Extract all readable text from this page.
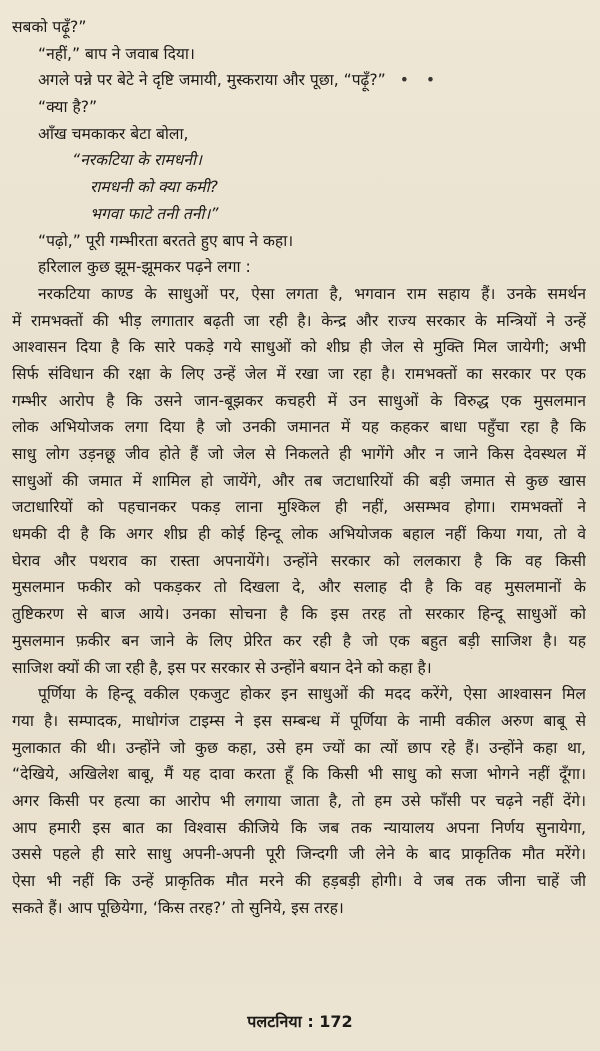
सबको पढ़ूँ?”
“नहीं,” बाप ने जवाब दिया।
अगले पन्ने पर बेटे ने दृष्टि जमायी, मुस्कराया और पूछा, “पढ़ूँ?” • •
“क्या है?”
आँख चमकाकर बेटा बोला,
“नरकटिया के रामधनी।
रामधनी को क्या कमी?
भगवा फाटे तनी तनी।”
“पढ़ो,” पूरी गम्भीरता बरतते हुए बाप ने कहा।
हरिलाल कुछ झूम-झूमकर पढ़ने लगा :
नरकटिया काण्ड के साधुओं पर, ऐसा लगता है, भगवान राम सहाय हैं। उनके समर्थन
में रामभक्तों की भीड़ लगातार बढ़ती जा रही है। केन्द्र और राज्य सरकार के मन्त्रियों ने उन्हें
आश्वासन दिया है कि सारे पकड़े गये साधुओं को शीघ्र ही जेल से मुक्ति मिल जायेगी; अभी
सिर्फ संविधान की रक्षा के लिए उन्हें जेल में रखा जा रहा है। रामभक्तों का सरकार पर एक
गम्भीर आरोप है कि उसने जान-बूझकर कचहरी में उन साधुओं के विरुद्ध एक मुसलमान
लोक अभियोजक लगा दिया है जो उनकी जमानत में यह कहकर बाधा पहुँचा रहा है कि
साधु लोग उड़नछू जीव होते हैं जो जेल से निकलते ही भागेंगे और न जाने किस देवस्थल में
साधुओं की जमात में शामिल हो जायेंगे, और तब जटाधारियों की बड़ी जमात से कुछ खास
जटाधारियों को पहचानकर पकड़ लाना मुश्किल ही नहीं, असम्भव होगा। रामभक्तों ने
धमकी दी है कि अगर शीघ्र ही कोई हिन्दू लोक अभियोजक बहाल नहीं किया गया, तो वे
घेराव और पथराव का रास्ता अपनायेंगे। उन्होंने सरकार को ललकारा है कि वह किसी
मुसलमान फकीर को पकड़कर तो दिखला दे, और सलाह दी है कि वह मुसलमानों के
तुष्टिकरण से बाज आये। उनका सोचना है कि इस तरह तो सरकार हिन्दू साधुओं को
मुसलमान फ़कीर बन जाने के लिए प्रेरित कर रही है जो एक बहुत बड़ी साजिश है। यह
साजिश क्यों की जा रही है, इस पर सरकार से उन्होंने बयान देने को कहा है।
पूर्णिया के हिन्दू वकील एकजुट होकर इन साधुओं की मदद करेंगे, ऐसा आश्वासन मिल
गया है। सम्पादक, माधोगंज टाइम्स ने इस सम्बन्ध में पूर्णिया के नामी वकील अरुण बाबू से
मुलाकात की थी। उन्होंने जो कुछ कहा, उसे हम ज्यों का त्यों छाप रहे हैं। उन्होंने कहा था,
“देखिये, अखिलेश बाबू, मैं यह दावा करता हूँ कि किसी भी साधु को सजा भोगने नहीं दूँगा।
अगर किसी पर हत्या का आरोप भी लगाया जाता है, तो हम उसे फाँसी पर चढ़ने नहीं देंगे।
आप हमारी इस बात का विश्वास कीजिये कि जब तक न्यायालय अपना निर्णय सुनायेगा,
उससे पहले ही सारे साधु अपनी-अपनी पूरी जिन्दगी जी लेने के बाद प्राकृतिक मौत मरेंगे।
ऐसा भी नहीं कि उन्हें प्राकृतिक मौत मरने की हड़बड़ी होगी। वे जब तक जीना चाहें जी
सकते हैं। आप पूछियेगा, ‘किस तरह?’ तो सुनिये, इस तरह।
पलटनिया : 172
